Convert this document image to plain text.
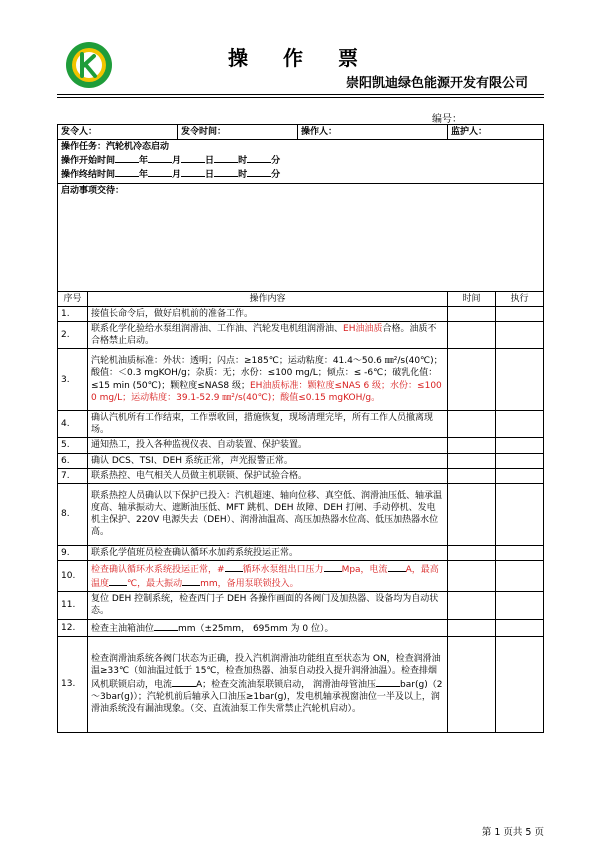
操 作 票
崇阳凯迪绿色能源开发有限公司
编号：
发令人：		发令时间：	操作人：	监护人：	

操作任务：汽轮机冷态启动
操作开始时间 年 月 日 时 分
操作终结时间 年 月 日 时 分					

启动事项交待：					
序号	操作内容			时间	执行
1.	接值长命令后，做好启机前的准备工作。				
2.	联系化学化验给水泵组润滑油、工作油、汽轮发电机组润滑油、EH油油质合格。油质不合格禁止启动。				
3.	汽轮机油质标准：外状：透明；闪点：≥185℃；运动粘度：41.4～50.6 ㎜²/s(40℃)；酸值：＜0.3 mgKOH/g；杂质：无；水份：≤100 mg/L；倾点：≤ -6℃；破乳化值：≤15 min (50℃)；颗粒度≤NAS8 级；EH油质标准：颗粒度≤NAS 6 级；水份：≤1000 mg/L；运动粘度：39.1-52.9 ㎜²/s(40℃)；酸值≤0.15 mgKOH/g。				
4.	确认汽机所有工作结束，工作票收回，措施恢复，现场清理完毕，所有工作人员撤离现场。				
5.	通知热工，投入各种监视仪表、自动装置、保护装置。				
6.	确认 DCS、TSI、DEH 系统正常，声光报警正常。				
7.	联系热控、电气相关人员做主机联锁、保护试验合格。				
8.	联系热控人员确认以下保护已投入：汽机超速、轴向位移、真空低、润滑油压低、轴承温度高、轴承振动大、遮断油压低、MFT 跳机、DEH 故障、DEH 打闸、手动停机、发电机主保护、220V 电源失去（DEH）、润滑油温高、高压加热器水位高、低压加热器水位高。				
9.	联系化学值班员检查确认循环水加药系统投运正常。				
10.	检查确认循环水系统投运正常，# 循环水泵组出口压力 Mpa，电流 A，最高温度 ℃，最大振动 mm，备用泵联锁投入。				
11.	复位 DEH 控制系统，检查西门子 DEH 各操作画面的各阀门及加热器、设备均为自动状态。				
12.	检查主油箱油位 mm（±25mm， 695mm 为 0 位）。				
13.	检查润滑油系统各阀门状态为正确，投入汽机润滑油功能组直至状态为 ON，检查润滑油温≥33℃（如油温过低于 15℃，检查加热器、油泵自动投入提升润滑油温）。检查排烟风机联锁启动，电流 A；检查交流油泵联锁启动， 润滑油母管油压 bar(g)（2～3bar(g)）；汽轮机前后轴承入口油压≥1bar(g)，发电机轴承视窗油位一半及以上，润滑油系统没有漏油现象。（交、直流油泵工作失常禁止汽轮机启动）。				
第 1 页共 5 页
